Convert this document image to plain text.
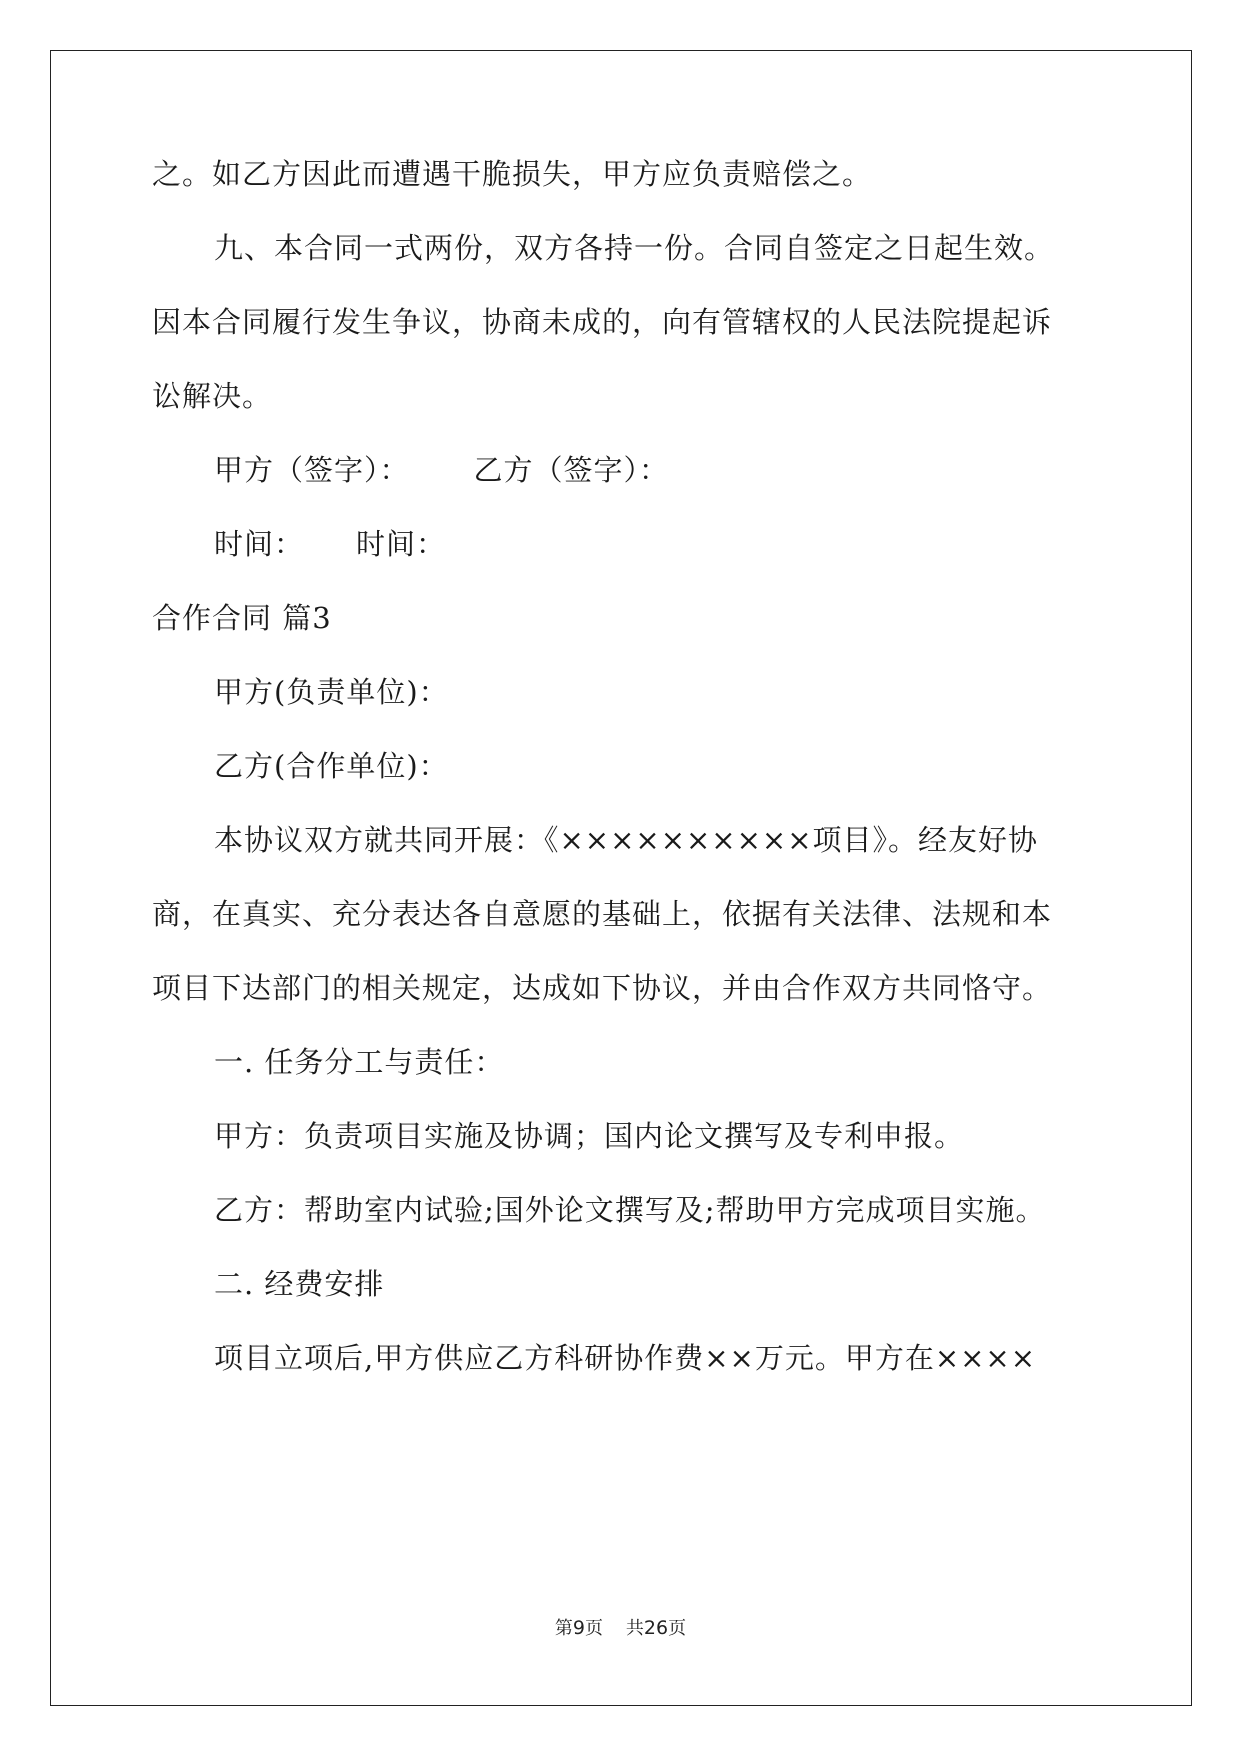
之。如乙方因此而遭遇干脆损失，甲方应负责赔偿之。
九、本合同一式两份，双方各持一份。合同自签定之日起生效。
因本合同履行发生争议，协商未成的，向有管辖权的人民法院提起诉
讼解决。
甲方（签字）： 乙方（签字）：
时间： 时间：
合作合同 篇3
甲方(负责单位)：
乙方(合作单位)：
本协议双方就共同开展：《××××××××××项目》。经友好协
商，在真实、充分表达各自意愿的基础上，依据有关法律、法规和本
项目下达部门的相关规定，达成如下协议，并由合作双方共同恪守。
一. 任务分工与责任：
甲方：负责项目实施及协调；国内论文撰写及专利申报。
乙方：帮助室内试验;国外论文撰写及;帮助甲方完成项目实施。
二. 经费安排
项目立项后,甲方供应乙方科研协作费××万元。甲方在××××
第9页 共26页
